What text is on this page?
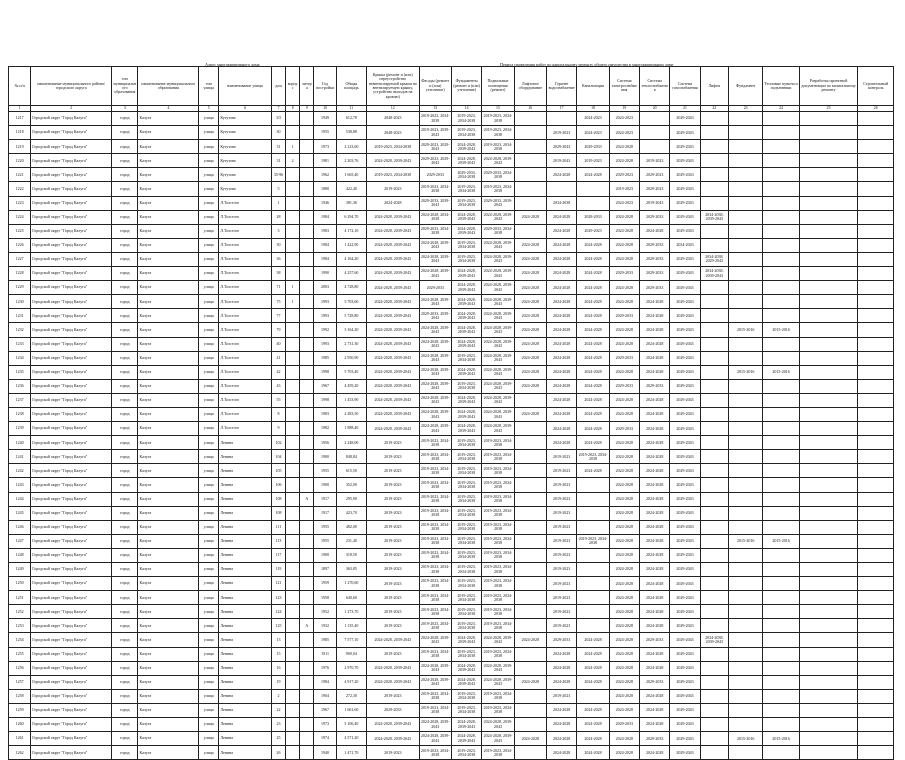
Адрес многоквартирного дома	Период проведения работ по капитальному ремонту общего имущества в многоквартирном доме
№ п/п	наименование муниципального района/городского округа	тип муниципального образования	наименование муниципального образования	тип улицы	наименование улицы	дом	корпус	литера	Год постройки	Общая площадь	Крыша (ремонт и (или) переустройство невентилируемой крыши на вентилируемую крышу, устройство выходов на кровлю)	Фасады (ремонт и (или) утепление)	Фундаменты (ремонт и (или) утепление)	Подвальные помещения (ремонт)	Лифтовое оборудование	Горячее водоснабжение	Канализация	Система электроснабжения	Система теплоснабжения	Система газоснабжения	Лифты	Фундамент	Тепловые пункты и подъемники	Разработка проектной документации по капитальному ремонту	Строительный контроль
1	2	3	4	5	6	7	8	9	10	11	12	13	14	15	16	17	18	19	20	21	22	23	24	25	26
1217	Городской округ "Город Калуга"	город	Калуга	улица	Кутузова	3/5			1949	612,78	2048-2023	2019-2023, 2034-2038	2019-2023, 2034-2038	2019-2023, 2034-2038			2024-2023	2024-2023		2029-2043					
1218	Городской округ "Город Калуга"	город	Калуга	улица	Кутузова	30			1955	538,88	2048-2023	2019-2023, 2039-2043	2019-2023, 2034-2038	2019-2023, 2034-2038		2019-2023	2024-2023	2024-2023		2029-2043					
1219	Городской округ "Город Калуга"	город	Калуга	улица	Кутузова	31	1		1973	2 123,60	2019-2023, 2034-2038	2029-2023, 2029-2043	2024-2028, 2039-2043	2019-2023, 2034-2038		2029-2043	2029-2033	2024-2028		2029-2043					
1220	Городской округ "Город Калуга"	город	Калуга	улица	Кутузова	31	2		1981	2 203,76	2024-2028, 2039-2043	2029-2023, 2029-2043	2024-2028, 2039-2043	2024-2028, 2039-2043		2019-2043	2019-2023	2024-2028	2019-2023	2029-2043					
1221	Городской округ "Город Калуга"	город	Калуга	улица	Кутузова	35-96			1962	1 665,40	2019-2023, 2034-2038	2029-2033	2029-2033, 2034-2038	2029-2033, 2034-2038		2024-2028	2024-2028	2029-2023	2029-2023	2029-2043					
1222	Городской округ "Город Калуга"	город	Калуга	улица	Кутузова	5			1880	422,40	2019-2023	2019-2023, 2034-2038	2019-2023, 2034-2038	2019-2023, 2034-2038				2019-2023	2029-2023	2029-2043					
1223	Городской округ "Город Калуга"	город	Калуга	улица	Л.Толстого	1			1946	381,36	2024-2028	2029-2033, 2039-2043	2019-2023, 2034-2038	2029-2033, 2039-2043		2034-2038		2024-2023	2019-2043	2029-2043					
1224	Городской округ "Город Калуга"	город	Калуга	улица	Л.Толстого	28			1984	6 294,70	2024-2028, 2039-2043	2024-2028, 2034-2038	2024-2028, 2039-2043	2024-2028, 2039-2043	2024-2028	2024-2028	2028-2033	2024-2028	2029-2033	2029-2043	2034-2038, 2039-2043				
1225	Городской округ "Город Калуга"	город	Калуга	улица	Л.Толстого	3			1983	4 172,10	2024-2028, 2039-2043	2029-2033, 2034-2038	2024-2028, 2039-2043	2029-2033, 2034-2038		2024-2028	2029-2023	2024-2028	2024-2028	2029-2043					
1226	Городской округ "Город Калуга"	город	Калуга	улица	Л.Толстого	30			1984	1 422,90	2024-2028, 2039-2043	2024-2028, 2039-2043	2019-2023, 2034-2038	2024-2028, 2039-2043	2024-2028	2024-2028	2024-2028	2024-2028	2029-2033	2034-2043					
1227	Городской округ "Город Калуга"	город	Калуга	улица	Л.Толстого	36			1984	4 164,20	2024-2028, 2039-2043	2024-2028, 2039-2043	2019-2023, 2034-2038	2024-2028, 2039-2043	2024-2028	2024-2028	2024-2028	2024-2028	2029-2033	2029-2043	2034-2038, 2029-2043				
1228	Городской округ "Город Калуга"	город	Калуга	улица	Л.Толстого	38			1990	4 257,60	2024-2028, 2039-2043	2024-2028, 2039-2043	2024-2028, 2039-2043	2024-2028, 2039-2043	2024-2028	2024-2028	2024-2028	2029-2033	2029-2033	2029-2043	2034-2038, 2039-2043				
1229	Городской округ "Город Калуга"	город	Калуга	улица	Л.Толстого	71	1		2003	4 728,80	2024-2028, 2039-2043	2029-2033	2024-2028, 2039-2043	2024-2028, 2039-2043	2024-2028	2024-2028	2024-2028	2024-2028	2029-2033	2029-2043					
1230	Городской округ "Город Калуга"	город	Калуга	улица	Л.Толстого	75	1		1993	5 703,60	2024-2028, 2039-2043	2024-2028, 2039-2043	2024-2028, 2039-2043	2024-2028, 2039-2043	2024-2028	2024-2028	2024-2028	2024-2028	2024-2028	2029-2043					
1231	Городской округ "Город Калуга"	город	Калуга	улица	Л.Толстого	77			1993	5 728,80	2024-2028, 2039-2043	2029-2033, 2039-2043	2024-2028, 2039-2043	2024-2028, 2039-2043	2024-2028	2024-2028	2024-2028	2029-2033	2024-2028	2029-2043					
1232	Городской округ "Город Калуга"	город	Калуга	улица	Л.Толстого	79			1992	3 164,20	2024-2028, 2039-2043	2024-2028, 2039-2043	2024-2028, 2039-2043	2024-2028, 2039-2043	2024-2028	2024-2028	2024-2028	2024-2028	2024-2028	2029-2043		2015-2016	2015-2016		
1233	Городской округ "Город Калуга"	город	Калуга	улица	Л.Толстого	40			1993	2 731,30	2024-2028, 2039-2043	2024-2028, 2039-2043	2024-2028, 2039-2043	2024-2028, 2039-2043	2024-2028	2024-2028	2024-2028	2024-2028	2024-2028	2029-2043					
1234	Городской округ "Город Калуга"	город	Калуга	улица	Л.Толстого	41			1985	2 950,90	2024-2028, 2039-2043	2024-2028, 2039-2043	2019-2023, 2034-2038	2024-2028, 2039-2043	2024-2028	2024-2028	2024-2028	2029-2033	2024-2028	2029-2043					
1235	Городской округ "Город Калуга"	город	Калуга	улица	Л.Толстого	42			1998	5 703,40	2024-2028, 2039-2043	2024-2028, 2039-2043	2024-2028, 2039-2043	2024-2028, 2039-2043	2024-2028	2024-2028	2024-2028	2024-2028	2024-2028	2029-2043		2015-2016	2015-2016		
1236	Городской округ "Город Калуга"	город	Калуга	улица	Л.Толстого	43			1967	4 459,20	2024-2028, 2039-2043	2024-2028, 2039-2043	2019-2023, 2034-2038	2024-2028, 2039-2043	2024-2028	2024-2028	2024-2028	2029-2033	2029-2033	2029-2043					
1237	Городской округ "Город Калуга"	город	Калуга	улица	Л.Толстого	55			1998	1 453,90	2024-2028, 2039-2043	2024-2028, 2039-2043	2024-2028, 2039-2043	2024-2028, 2039-2043		2024-2028	2024-2028	2024-2028	2024-2028	2029-2043					
1238	Городской округ "Город Калуга"	город	Калуга	улица	Л.Толстого	8			1983	2 283,50	2024-2028, 2039-2043	2024-2028, 2039-2043	2024-2028, 2039-2043	2024-2028, 2039-2043	2024-2028	2024-2028	2024-2028	2024-2028	2024-2028	2029-2043					
1239	Городской округ "Город Калуга"	город	Калуга	улица	Л.Толстого	9			1982	1 888,40	2024-2028, 2039-2043	2024-2028, 2039-2043	2024-2028, 2039-2043	2024-2028, 2039-2043		2024-2028	2024-2028	2029-2033	2024-2028	2029-2043					
1240	Городской округ "Город Калуга"	город	Калуга	улица	Ленина	102			1956	2 248,00	2019-2023	2019-2023, 2034-2038	2019-2023, 2034-2038	2019-2023, 2034-2038		2024-2028	2024-2028	2024-2028	2024-2028	2029-2043					
1241	Городской округ "Город Калуга"	город	Калуга	улица	Ленина	104			1900	848,84	2019-2023	2019-2023, 2034-2038	2019-2023, 2034-2038	2019-2023, 2034-2038		2019-2023	2019-2023, 2034-2038	2024-2028	2024-2028	2029-2043					
1242	Городской округ "Город Калуга"	город	Калуга	улица	Ленина	105			1955	615,50	2019-2023	2019-2023, 2034-2038	2019-2023, 2034-2038	2019-2023, 2034-2038		2019-2023	2024-2028	2024-2028	2024-2028	2029-2043					
1243	Городской округ "Город Калуга"	город	Калуга	улица	Ленина	106			1900	352,00	2019-2023	2019-2023, 2034-2038	2019-2023, 2034-2038	2019-2023, 2034-2038		2019-2023		2024-2028	2024-2028	2029-2043					
1244	Городской округ "Город Калуга"	город	Калуга	улица	Ленина	108		А	1917	295,90	2019-2023	2019-2023, 2034-2038	2019-2023, 2034-2038	2019-2023, 2034-2038		2019-2023		2024-2028	2024-2028	2029-2043					
1245	Городской округ "Город Калуга"	город	Калуга	улица	Ленина	108			1917	423,70	2019-2023	2019-2023, 2034-2038	2019-2023, 2034-2038	2019-2023, 2034-2038		2019-2023		2024-2028	2024-2028	2029-2043					
1246	Городской округ "Город Калуга"	город	Калуга	улица	Ленина	111			1955	482,00	2019-2023	2019-2023, 2034-2038	2019-2023, 2034-2038	2019-2023, 2034-2038		2019-2023		2024-2028	2024-2028	2029-2043					
1247	Городской округ "Город Калуга"	город	Калуга	улица	Ленина	113			1955	231,40	2019-2023	2019-2023, 2034-2038	2019-2023, 2034-2038	2019-2023, 2034-2038		2019-2023	2019-2023, 2034-2038	2024-2028	2024-2028	2029-2043		2015-2016	2015-2016		
1248	Городской округ "Город Калуга"	город	Калуга	улица	Ленина	117			1900	318,50	2019-2023	2019-2023, 2034-2038	2019-2023, 2034-2038	2019-2023, 2034-2038		2019-2023		2024-2028	2024-2028	2029-2043					
1249	Городской округ "Город Калуга"	город	Калуга	улица	Ленина	119			1897	363,85	2019-2023	2019-2023, 2034-2038	2019-2023, 2034-2038	2019-2023, 2034-2038		2019-2023		2024-2028	2024-2028	2029-2043					
1250	Городской округ "Город Калуга"	город	Калуга	улица	Ленина	121			1959	1 270,60	2019-2023	2019-2023, 2034-2038	2019-2023, 2034-2038	2019-2023, 2034-2038		2019-2023		2024-2028	2024-2028	2029-2043					
1251	Городской округ "Город Калуга"	город	Калуга	улица	Ленина	123			1958	640,60	2019-2023	2019-2023, 2034-2038	2019-2023, 2034-2038	2019-2023, 2034-2038		2019-2023		2024-2028	2024-2028	2029-2043					
1252	Городской округ "Город Калуга"	город	Калуга	улица	Ленина	124			1952	1 273,70	2019-2023	2019-2023, 2034-2038	2019-2023, 2034-2038	2019-2023, 2034-2038		2019-2023		2024-2028	2024-2028	2029-2043					
1253	Городской округ "Город Калуга"	город	Калуга	улица	Ленина	125		А	1932	1 135,40	2019-2023	2019-2023, 2034-2038	2019-2023, 2034-2038	2019-2023, 2034-2038		2019-2023		2024-2028	2024-2028	2029-2043					
1254	Городской округ "Город Калуга"	город	Калуга	улица	Ленина	13			1985	7 577,10	2024-2028, 2039-2043	2024-2028, 2039-2043	2024-2028, 2039-2043	2024-2028, 2039-2043	2024-2028	2029-2033	2024-2028	2024-2028	2029-2033	2029-2043	2034-2038, 2039-2043				
1255	Городской округ "Город Калуга"	город	Калуга	улица	Ленина	15			1911	900,04	2019-2023	2019-2023, 2034-2038	2019-2023, 2034-2038	2019-2023, 2034-2038		2024-2028	2024-2028	2024-2028	2024-2028	2029-2043					
1256	Городской округ "Город Калуга"	город	Калуга	улица	Ленина	16			1976	2 970,70	2024-2028, 2039-2043	2024-2028, 2039-2043	2024-2028, 2039-2043	2024-2028, 2039-2043		2024-2028	2024-2028	2024-2028	2024-2028	2029-2043					
1257	Городской округ "Город Калуга"	город	Калуга	улица	Ленина	19			1984	4 917,20	2024-2028, 2039-2043	2024-2028, 2039-2043	2024-2028, 2039-2043	2024-2028, 2039-2043	2024-2028	2024-2028	2024-2028	2024-2028	2029-2033	2029-2043					
1258	Городской округ "Город Калуга"	город	Калуга	улица	Ленина	2			1904	272,30	2019-2023	2019-2023, 2034-2038	2019-2023, 2034-2038	2019-2023, 2034-2038		2019-2023		2024-2028	2024-2028	2029-2043					
1259	Городской округ "Город Калуга"	город	Калуга	улица	Ленина	22			1967	1 661,60	2029-2033	2019-2023, 2034-2038	2019-2023, 2034-2038	2019-2023, 2034-2038		2024-2028	2024-2028	2024-2028	2024-2028	2029-2043					
1260	Городской округ "Город Калуга"	город	Калуга	улица	Ленина	23			1973	5 106,40	2024-2028, 2039-2043	2024-2028, 2039-2043	2024-2028, 2039-2043	2024-2028, 2039-2043		2024-2028	2024-2028	2029-2033	2024-2028	2029-2043					
1261	Городской округ "Город Калуга"	город	Калуга	улица	Ленина	25			1974	4 571,20	2024-2028, 2039-2043	2024-2028, 2039-2043	2024-2028, 2039-2043	2024-2028, 2039-2043	2024-2028	2024-2028	2024-2028	2024-2028	2029-2033	2029-2043		2015-2016	2015-2016		
1262	Городской округ "Город Калуга"	город	Калуга	улица	Ленина	26			1940	1 471,70	2019-2023	2019-2023, 2034-2038	2019-2023, 2034-2038	2019-2023, 2034-2038		2024-2028	2024-2028	2024-2028	2024-2028	2029-2043					
